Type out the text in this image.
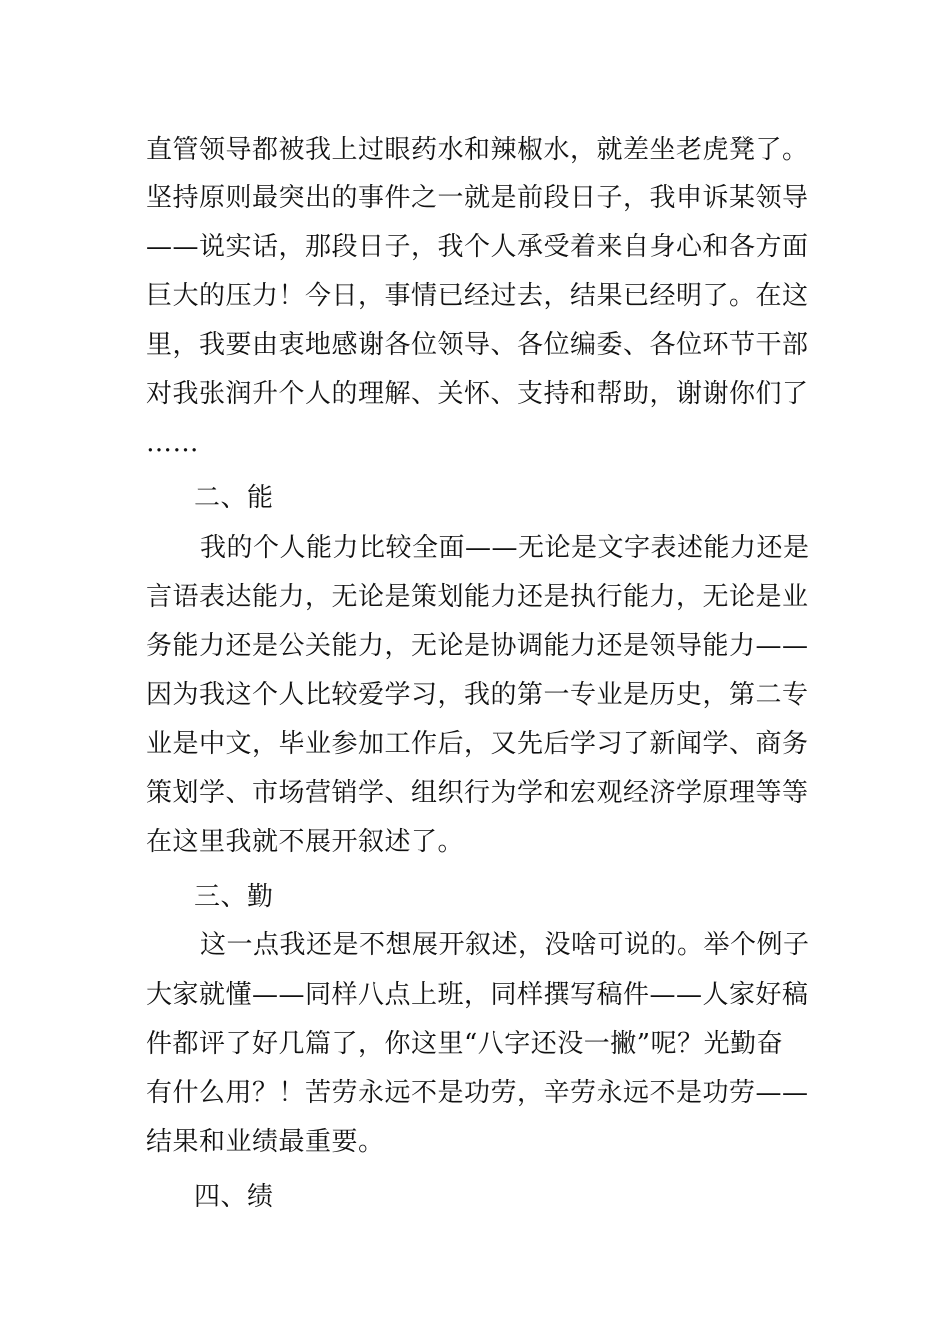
直管领导都被我上过眼药水和辣椒水，就差坐老虎凳了。
坚持原则最突出的事件之一就是前段日子，我申诉某领导
——说实话，那段日子，我个人承受着来自身心和各方面
巨大的压力！今日，事情已经过去，结果已经明了。在这
里，我要由衷地感谢各位领导、各位编委、各位环节干部
对我张润升个人的理解、关怀、支持和帮助，谢谢你们了
……
二、能
我的个人能力比较全面——无论是文字表述能力还是
言语表达能力，无论是策划能力还是执行能力，无论是业
务能力还是公关能力，无论是协调能力还是领导能力——
因为我这个人比较爱学习，我的第一专业是历史，第二专
业是中文，毕业参加工作后，又先后学习了新闻学、商务
策划学、市场营销学、组织行为学和宏观经济学原理等等
在这里我就不展开叙述了。
三、勤
这一点我还是不想展开叙述，没啥可说的。举个例子
大家就懂——同样八点上班，同样撰写稿件——人家好稿
件都评了好几篇了，你这里“八字还没一撇”呢？光勤奋
有什么用？！苦劳永远不是功劳，辛劳永远不是功劳——
结果和业绩最重要。
四、绩
